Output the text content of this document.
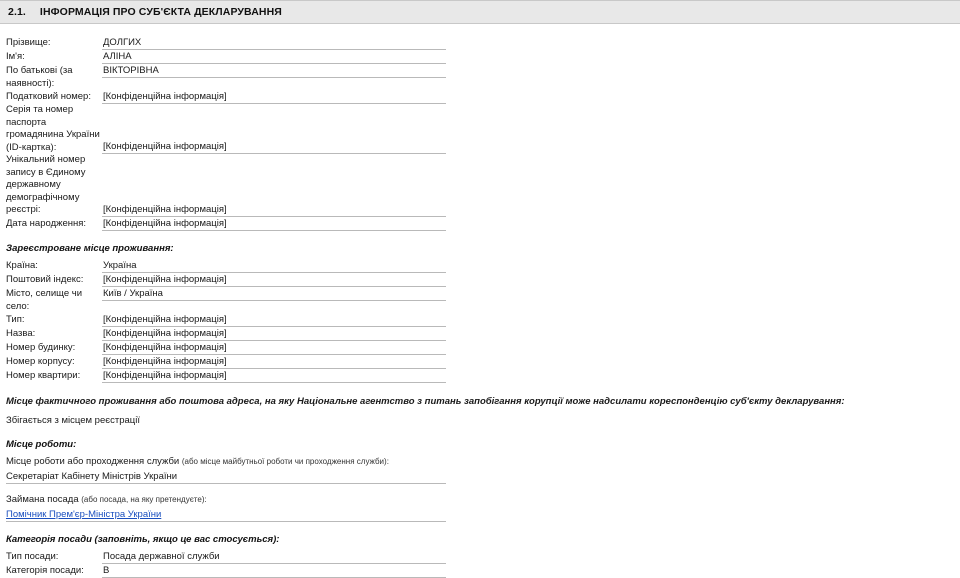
2.1. ІНФОРМАЦІЯ ПРО СУБ'ЄКТА ДЕКЛАРУВАННЯ
Прізвище:	ДОЛГИХ
Ім'я:	АЛІНА
По батькові (за наявності):
ВІКТОРІВНА
Податковий номер:	[Конфіденційна інформація]
Серія та номер паспорта громадянина України (ID-картка):	[Конфіденційна інформація]
Унікальний номер запису в Єдиному державному демографічному реєстрі:	[Конфіденційна інформація]
Дата народження:	[Конфіденційна інформація]
Зареєстроване місце проживання:
Країна:	Україна
Поштовий індекс:	[Конфіденційна інформація]
Місто, селище чи село:
Київ / Україна
Тип:	[Конфіденційна інформація]
Назва:	[Конфіденційна інформація]
Номер будинку:	[Конфіденційна інформація]
Номер корпусу:	[Конфіденційна інформація]
Номер квартири:	[Конфіденційна інформація]
Місце фактичного проживання або поштова адреса, на яку Національне агентство з питань запобігання корупції може надсилати кореспонденцію суб'єкту декларування:
Збігається з місцем реєстрації
Місце роботи:
Місце роботи або проходження служби (або місце майбутньої роботи чи проходження служби):
Секретаріат Кабінету Міністрів України
Займана посада (або посада, на яку претендуєте):
Помічник Прем'єр-Міністра України
Категорія посади (заповніть, якщо це вас стосується):
Тип посади:	Посада державної служби
Категорія посади:	В
